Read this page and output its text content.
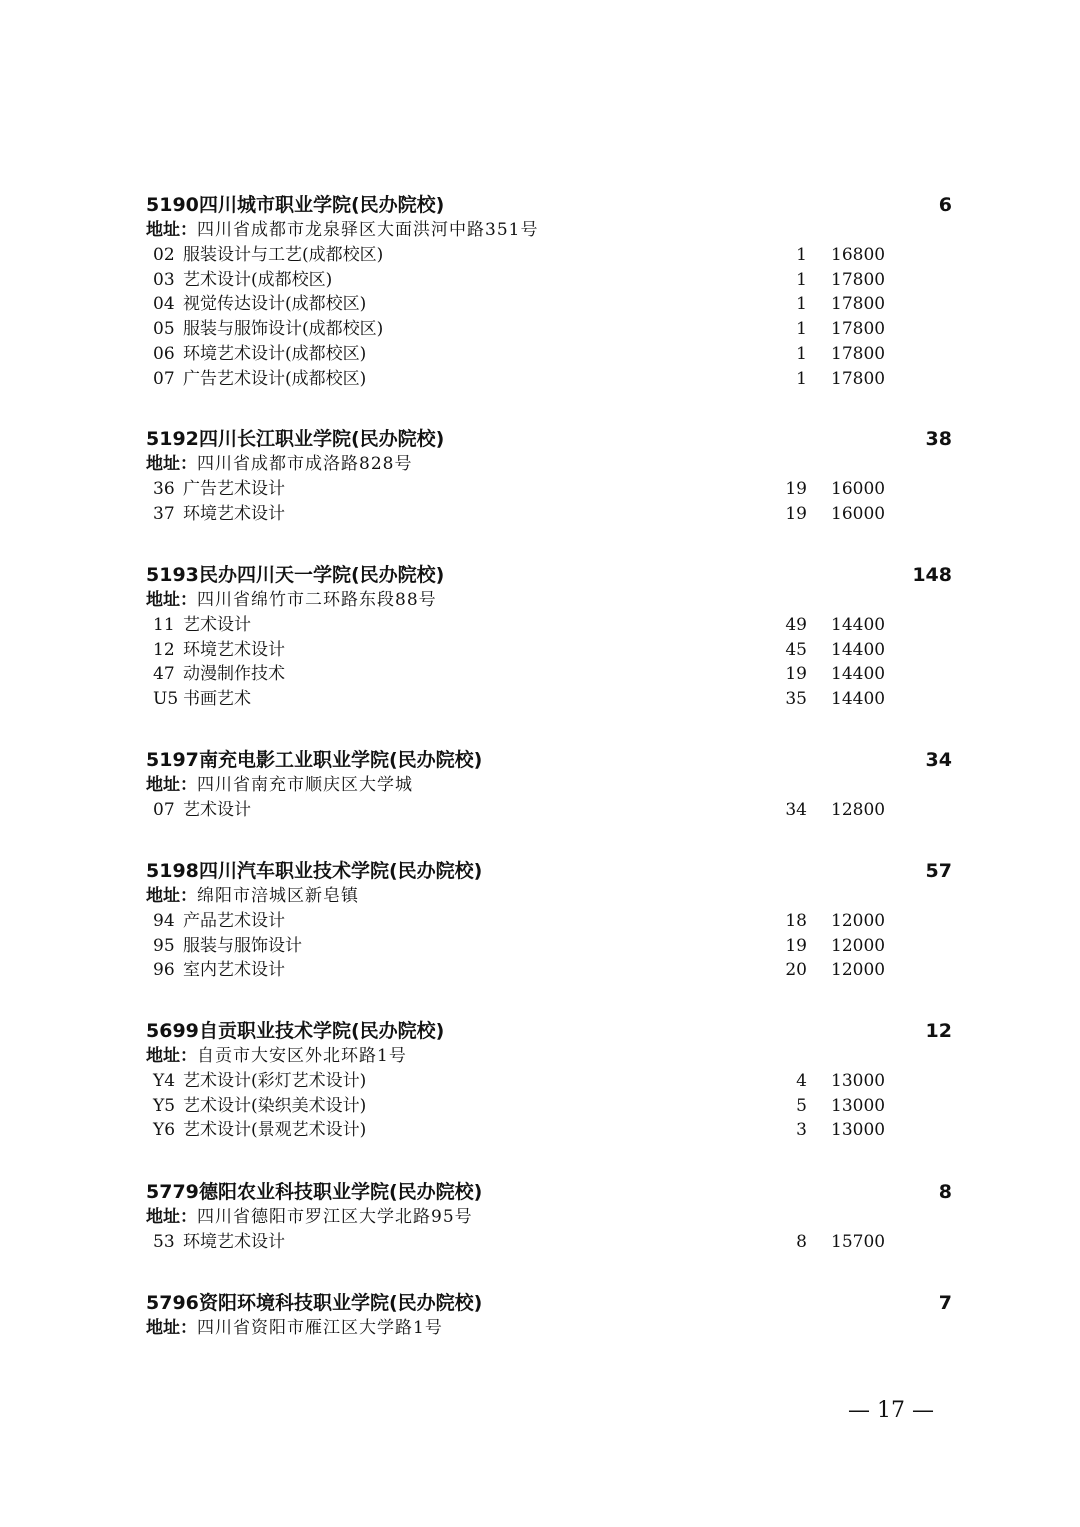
5190 四川城市职业学院(民办院校)	6
地址：四川省成都市龙泉驿区大面洪河中路351号
02 服装设计与工艺(成都校区)	1 16800
03 艺术设计(成都校区)	1 17800
04 视觉传达设计(成都校区)	1 17800
05 服装与服饰设计(成都校区)	1 17800
06 环境艺术设计(成都校区)	1 17800
07 广告艺术设计(成都校区)	1 17800
5192 四川长江职业学院(民办院校)	38
地址：四川省成都市成洛路828号
36 广告艺术设计	19 16000
37 环境艺术设计	19 16000
5193 民办四川天一学院(民办院校)	148
地址：四川省绵竹市二环路东段88号
11 艺术设计	49 14400
12 环境艺术设计	45 14400
47 动漫制作技术	19 14400
U5 书画艺术	35 14400
5197 南充电影工业职业学院(民办院校)	34
地址：四川省南充市顺庆区大学城
07 艺术设计	34 12800
5198 四川汽车职业技术学院(民办院校)	57
地址：绵阳市涪城区新皂镇
94 产品艺术设计	18 12000
95 服装与服饰设计	19 12000
96 室内艺术设计	20 12000
5699 自贡职业技术学院(民办院校)	12
地址：自贡市大安区外北环路1号
Y4 艺术设计(彩灯艺术设计)	4 13000
Y5 艺术设计(染织美术设计)	5 13000
Y6 艺术设计(景观艺术设计)	3 13000
5779 德阳农业科技职业学院(民办院校)	8
地址：四川省德阳市罗江区大学北路95号
53 环境艺术设计	8 15700
5796 资阳环境科技职业学院(民办院校)	7
地址：四川省资阳市雁江区大学路1号
— 17 —
